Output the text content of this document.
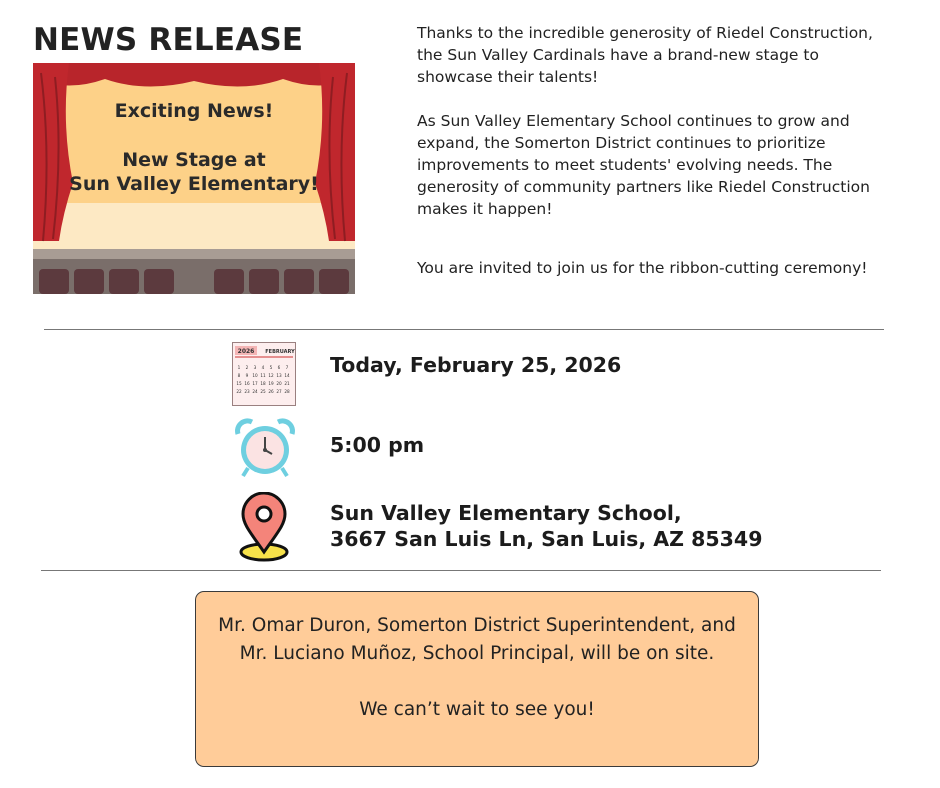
NEWS RELEASE
Exciting News!
New Stage at
Sun Valley Elementary!

Thanks to the incredible generosity of Riedel Construction, the Sun Valley Cardinals have a brand-new stage to showcase their talents!

As Sun Valley Elementary School continues to grow and expand, the Somerton District continues to prioritize improvements to meet students' evolving needs. The generosity of community partners like Riedel Construction makes it happen!

You are invited to join us for the ribbon-cutting ceremony!

2026 FEBRUARY
1 2 3 4 5 6 7
8 9 10 11 12 13 14
15 16 17 18 19 20 21
22 23 24 25 26 27 28
Today, February 25, 2026
5:00 pm
Sun Valley Elementary School,
3667 San Luis Ln, San Luis, AZ 85349
Mr. Omar Duron, Somerton District Superintendent, and Mr. Luciano Muñoz, School Principal, will be on site.
We can’t wait to see you!
